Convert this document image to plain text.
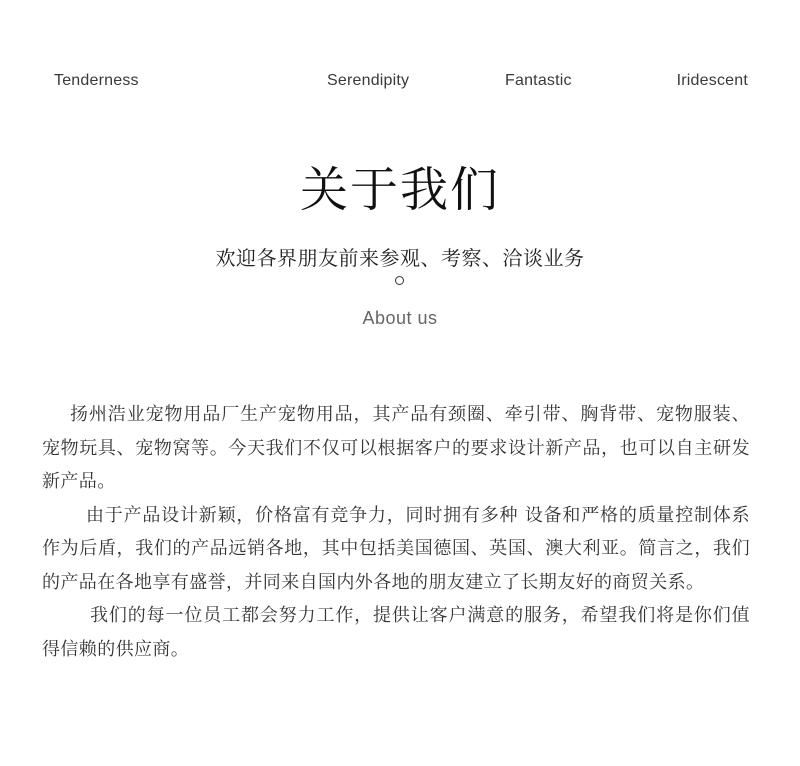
Tenderness	Serendipity	Fantastic	Iridescent
关于我们
欢迎各界朋友前来参观、考察、洽谈业务
About us

扬州浩业宠物用品厂生产宠物用品，其产品有颈圈、牵引带、胸背带、宠物服装、宠物玩具、宠物窝等。今天我们不仅可以根据客户的要求设计新产品，也可以自主研发新产品。

由于产品设计新颖，价格富有竞争力，同时拥有多种 设备和严格的质量控制体系作为后盾，我们的产品远销各地，其中包括美国德国、英国、澳大利亚。简言之，我们的产品在各地享有盛誉，并同来自国内外各地的朋友建立了长期友好的商贸关系。

我们的每一位员工都会努力工作，提供让客户满意的服务，希望我们将是你们值得信赖的供应商。
